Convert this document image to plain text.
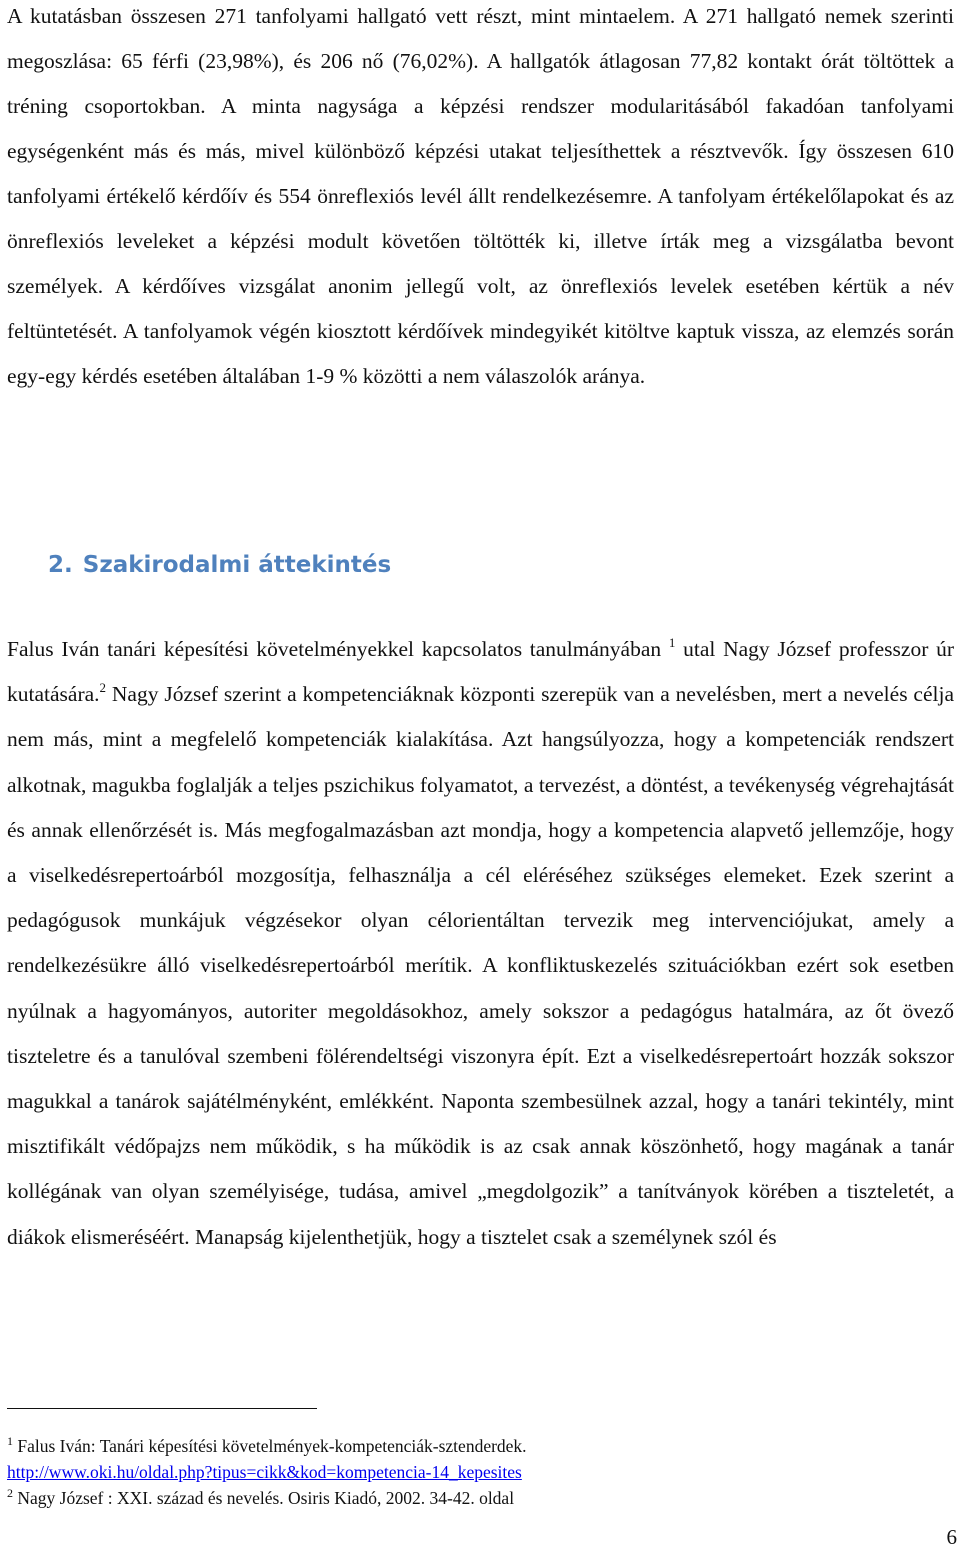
A kutatásban összesen 271 tanfolyami hallgató vett részt, mint mintaelem. A 271 hallgató nemek szerinti megoszlása: 65 férfi (23,98%), és 206 nő (76,02%). A hallgatók átlagosan 77,82 kontakt órát töltöttek a tréning csoportokban. A minta nagysága a képzési rendszer modularitásából fakadóan tanfolyami egységenként más és más, mivel különböző képzési utakat teljesíthettek a résztvevők. Így összesen 610 tanfolyami értékelő kérdőív és 554 önreflexiós levél állt rendelkezésemre. A tanfolyam értékelőlapokat és az önreflexiós leveleket a képzési modult követően töltötték ki, illetve írták meg a vizsgálatba bevont személyek. A kérdőíves vizsgálat anonim jellegű volt, az önreflexiós levelek esetében kértük a név feltüntetését. A tanfolyamok végén kiosztott kérdőívek mindegyikét kitöltve kaptuk vissza, az elemzés során egy-egy kérdés esetében általában 1-9 % közötti a nem válaszolók aránya.

2. Szakirodalmi áttekintés

Falus Iván tanári képesítési követelményekkel kapcsolatos tanulmányában $^1$ utal Nagy József professzor úr kutatására.$^2$ Nagy József szerint a kompetenciáknak központi szerepük van a nevelésben, mert a nevelés célja nem más, mint a megfelelő kompetenciák kialakítása. Azt hangsúlyozza, hogy a kompetenciák rendszert alkotnak, magukba foglalják a teljes pszichikus folyamatot, a tervezést, a döntést, a tevékenység végrehajtását és annak ellenőrzését is. Más megfogalmazásban azt mondja, hogy a kompetencia alapvető jellemzője, hogy a viselkedésrepertoárból mozgosítja, felhasználja a cél eléréséhez szükséges elemeket. Ezek szerint a pedagógusok munkájuk végzésekor olyan célorientáltan tervezik meg intervenciójukat, amely a rendelkezésükre álló viselkedésrepertoárból merítik. A konfliktuskezelés szituációkban ezért sok esetben nyúlnak a hagyományos, autoriter megoldásokhoz, amely sokszor a pedagógus hatalmára, az őt övező tiszteletre és a tanulóval szembeni fölérendeltségi viszonyra épít. Ezt a viselkedésrepertoárt hozzák sokszor magukkal a tanárok sajátélményként, emlékként. Naponta szembesülnek azzal, hogy a tanári tekintély, mint misztifikált védőpajzs nem működik, s ha működik is az csak annak köszönhető, hogy magának a tanár kollégának van olyan személyisége, tudása, amivel „megdolgozik” a tanítványok körében a tiszteletét, a diákok elismeréséért. Manapság kijelenthetjük, hogy a tisztelet csak a személynek szól és

$^1$ Falus Iván: Tanári képesítési követelmények-kompetenciák-sztenderdek.
http://www.oki.hu/oldal.php?tipus=cikk&kod=kompetencia-14_kepesites
$^2$ Nagy József : XXI. század és nevelés. Osiris Kiadó, 2002. 34-42. oldal
6
